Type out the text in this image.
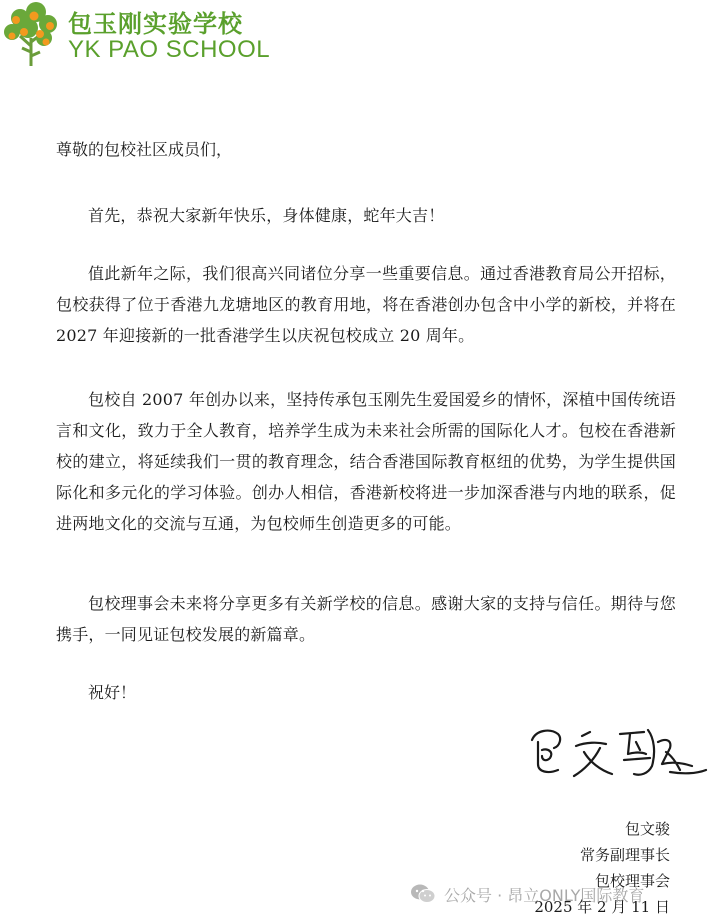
包玉刚实验学校
YK PAO SCHOOL

尊敬的包校社区成员们，

首先，恭祝大家新年快乐，身体健康，蛇年大吉！

值此新年之际，我们很高兴同诸位分享一些重要信息。通过香港教育局公开招标，包校获得了位于香港九龙塘地区的教育用地，将在香港创办包含中小学的新校，并将在 2027 年迎接新的一批香港学生以庆祝包校成立 20 周年。

包校自 2007 年创办以来，坚持传承包玉刚先生爱国爱乡的情怀，深植中国传统语言和文化，致力于全人教育，培养学生成为未来社会所需的国际化人才。包校在香港新校的建立，将延续我们一贯的教育理念，结合香港国际教育枢纽的优势，为学生提供国际化和多元化的学习体验。创办人相信，香港新校将进一步加深香港与内地的联系，促进两地文化的交流与互通，为包校师生创造更多的可能。

包校理事会未来将分享更多有关新学校的信息。感谢大家的支持与信任。期待与您携手，一同见证包校发展的新篇章。

祝好！

包文骏
常务副理事长
包校理事会
2025 年 2 月 11 日
公众号 · 昂立ONLY国际教育
